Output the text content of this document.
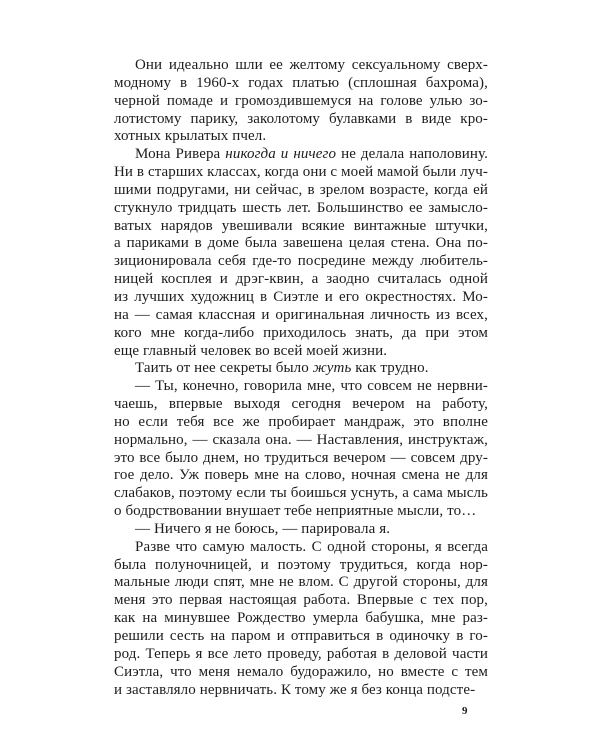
Они идеально шли ее желтому сексуальному сверх-
модному в 1960-х годах платью (сплошная бахрома),
черной помаде и громоздившемуся на голове улью зо-
лотистому парику, заколотому булавками в виде кро-
хотных крылатых пчел.
Мона Ривера никогда и ничего не делала наполовину.
Ни в старших классах, когда они с моей мамой были луч-
шими подругами, ни сейчас, в зрелом возрасте, когда ей
стукнуло тридцать шесть лет. Большинство ее замысло-
ватых нарядов увешивали всякие винтажные штучки,
а париками в доме была завешена целая стена. Она по-
зиционировала себя где-то посредине между любитель-
ницей косплея и дрэг-квин, а заодно считалась одной
из лучших художниц в Сиэтле и его окрестностях. Мо-
на — самая классная и оригинальная личность из всех,
кого мне когда-либо приходилось знать, да при этом
еще главный человек во всей моей жизни.
Таить от нее секреты было жуть как трудно.
— Ты, конечно, говорила мне, что совсем не нервни-
чаешь, впервые выходя сегодня вечером на работу,
но если тебя все же пробирает мандраж, это вполне
нормально, — сказала она. — Наставления, инструктаж,
это все было днем, но трудиться вечером — совсем дру-
гое дело. Уж поверь мне на слово, ночная смена не для
слабаков, поэтому если ты боишься уснуть, а сама мысль
о бодрствовании внушает тебе неприятные мысли, то…
— Ничего я не боюсь, — парировала я.
Разве что самую малость. С одной стороны, я всегда
была полуночницей, и поэтому трудиться, когда нор-
мальные люди спят, мне не влом. С другой стороны, для
меня это первая настоящая работа. Впервые с тех пор,
как на минувшее Рождество умерла бабушка, мне раз-
решили сесть на паром и отправиться в одиночку в го-
род. Теперь я все лето проведу, работая в деловой части
Сиэтла, что меня немало будоражило, но вместе с тем
и заставляло нервничать. К тому же я без конца подсте-
9
